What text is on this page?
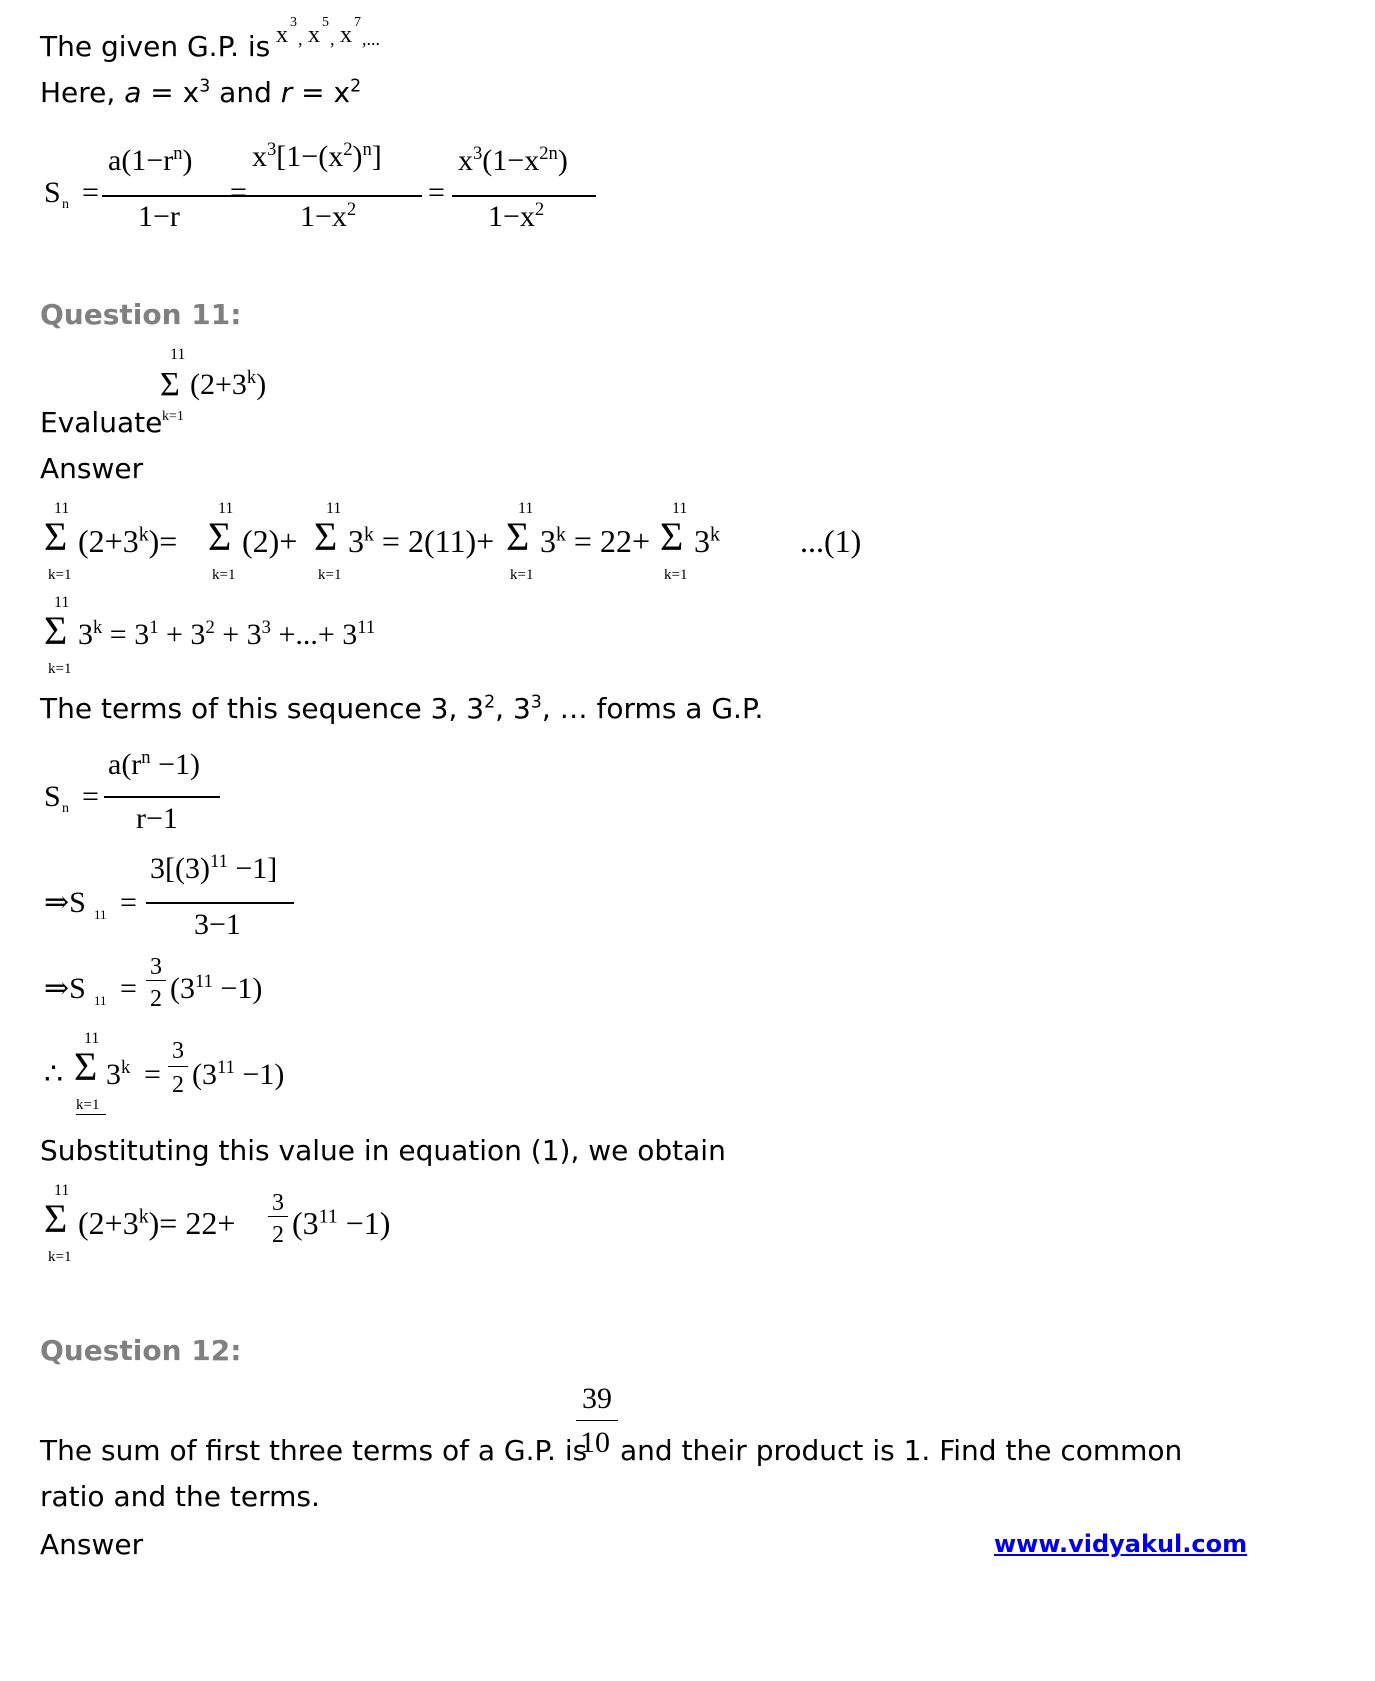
The given G.P. is x 3
, x 5
, x 7
,...
Here, $a = x^3$ and $r = x^2$
S n =
$a(1-r^n)$
1−r
=
$x^3[1-(x^2)^n]$
$1-x^2$
=
$x^3(1-x^{2n})$
$1-x^2$
Question 11:
Evaluate
11
Σ $(2+3^k)$
k=1
Answer
11
Σ
k=1
$(2+3^k)=$
11
Σ
k=1
(2)+
11
Σ
k=1
$3^k = 2(11)+$
11
Σ
k=1
$3^k = 22+$
11
Σ
k=1
3$^k$	...(1)
11
Σ
k=1
$3^k = 3^1 + 3^2 + 3^3$ +...+ $3^{11}$
The terms of this sequence 3, $3^2$, $3^3$, … forms a G.P.
S n =
$a(r^n -1)$
r−1
⇒S 11 =
$3[(3)^{11} -1]$
3−1
⇒S 11 =
3
2 $(3^{11} -1)$
∴
11
Σ
k=1
$3^k$ =
3
2 $(3^{11} -1)$
Substituting this value in equation (1), we obtain
11
Σ
k=1
$(2+3^k)= 22+$
3
2 $(3^{11} -1)$
Question 12:
The sum of first three terms of a G.P. is
39
10 and their product is 1. Find the common
ratio and the terms.
Answer	www.vidyakul.com
